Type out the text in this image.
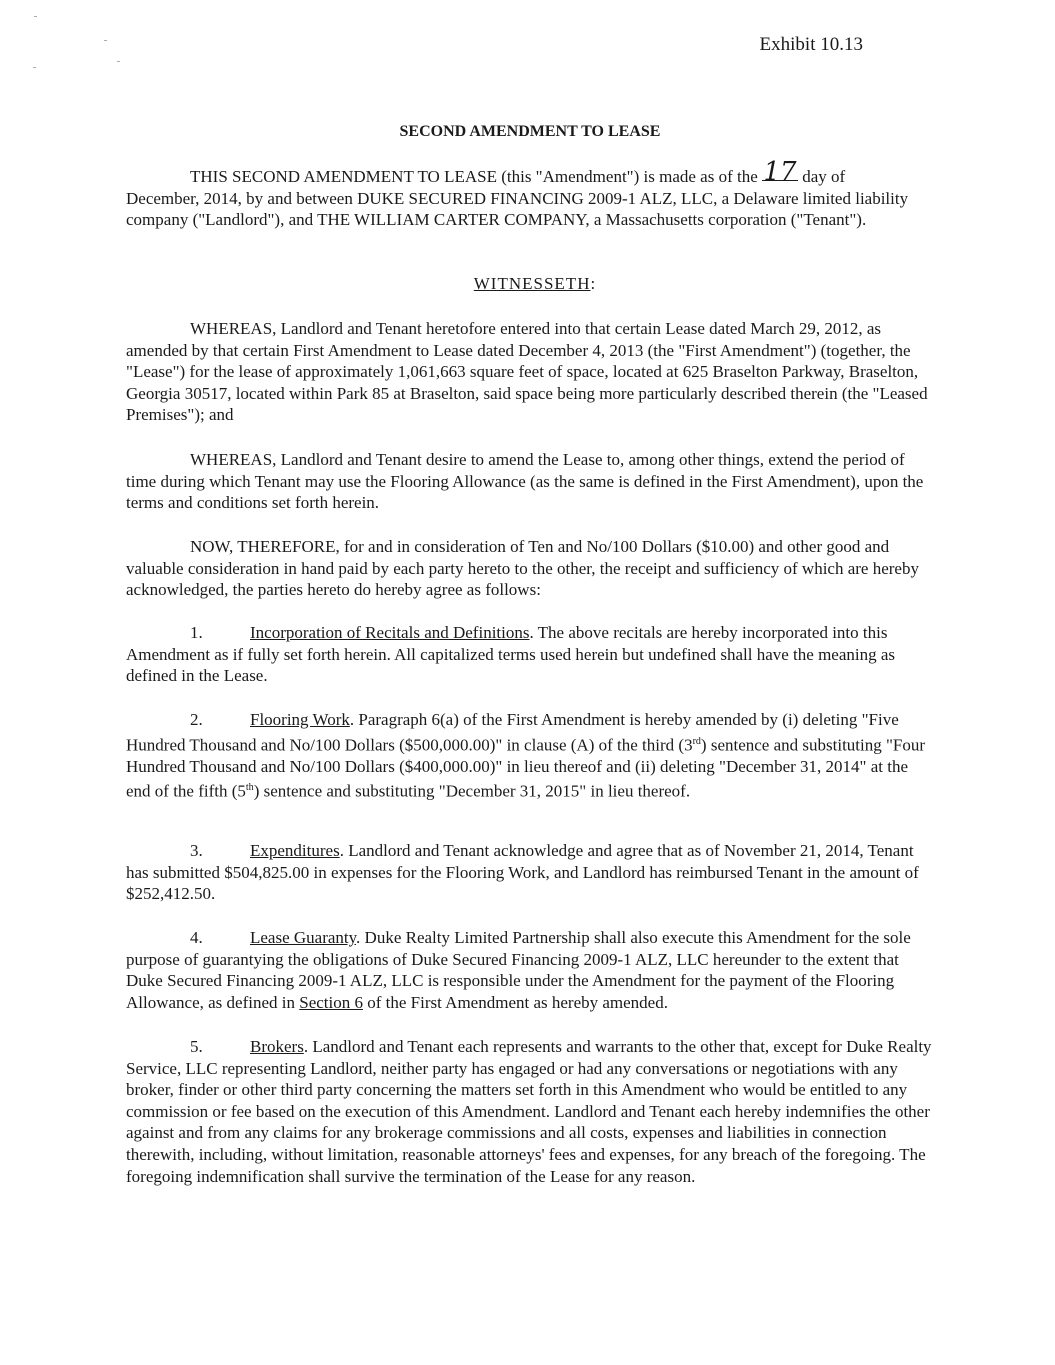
Exhibit 10.13
SECOND AMENDMENT TO LEASE
THIS SECOND AMENDMENT TO LEASE (this "Amendment") is made as of the 17 day of
December, 2014, by and between DUKE SECURED FINANCING 2009-1 ALZ, LLC, a Delaware limited liability company ("Landlord"), and THE WILLIAM CARTER COMPANY, a Massachusetts corporation ("Tenant").
WITNESSETH:
WHEREAS, Landlord and Tenant heretofore entered into that certain Lease dated March 29, 2012, as amended by that certain First Amendment to Lease dated December 4, 2013 (the "First Amendment") (together, the "Lease") for the lease of approximately 1,061,663 square feet of space, located at 625 Braselton Parkway, Braselton, Georgia 30517, located within Park 85 at Braselton, said space being more particularly described therein (the "Leased Premises"); and
WHEREAS, Landlord and Tenant desire to amend the Lease to, among other things, extend the period of time during which Tenant may use the Flooring Allowance (as the same is defined in the First Amendment), upon the terms and conditions set forth herein.
NOW, THEREFORE, for and in consideration of Ten and No/100 Dollars ($10.00) and other good and valuable consideration in hand paid by each party hereto to the other, the receipt and sufficiency of which are hereby acknowledged, the parties hereto do hereby agree as follows:
1.	Incorporation of Recitals and Definitions. The above recitals are hereby incorporated into this Amendment as if fully set forth herein. All capitalized terms used herein but undefined shall have the meaning as defined in the Lease.
2.	Flooring Work. Paragraph 6(a) of the First Amendment is hereby amended by (i) deleting "Five Hundred Thousand and No/100 Dollars ($500,000.00)" in clause (A) of the third (3rd) sentence and substituting "Four Hundred Thousand and No/100 Dollars ($400,000.00)" in lieu thereof and (ii) deleting "December 31, 2014" at the end of the fifth (5th) sentence and substituting "December 31, 2015" in lieu thereof.
3.	Expenditures. Landlord and Tenant acknowledge and agree that as of November 21, 2014, Tenant has submitted $504,825.00 in expenses for the Flooring Work, and Landlord has reimbursed Tenant in the amount of $252,412.50.
4.	Lease Guaranty. Duke Realty Limited Partnership shall also execute this Amendment for the sole purpose of guarantying the obligations of Duke Secured Financing 2009-1 ALZ, LLC hereunder to the extent that Duke Secured Financing 2009-1 ALZ, LLC is responsible under the Amendment for the payment of the Flooring Allowance, as defined in Section 6 of the First Amendment as hereby amended.
5.	Brokers. Landlord and Tenant each represents and warrants to the other that, except for Duke Realty Service, LLC representing Landlord, neither party has engaged or had any conversations or negotiations with any broker, finder or other third party concerning the matters set forth in this Amendment who would be entitled to any commission or fee based on the execution of this Amendment. Landlord and Tenant each hereby indemnifies the other against and from any claims for any brokerage commissions and all costs, expenses and liabilities in connection therewith, including, without limitation, reasonable attorneys' fees and expenses, for any breach of the foregoing. The foregoing indemnification shall survive the termination of the Lease for any reason.
